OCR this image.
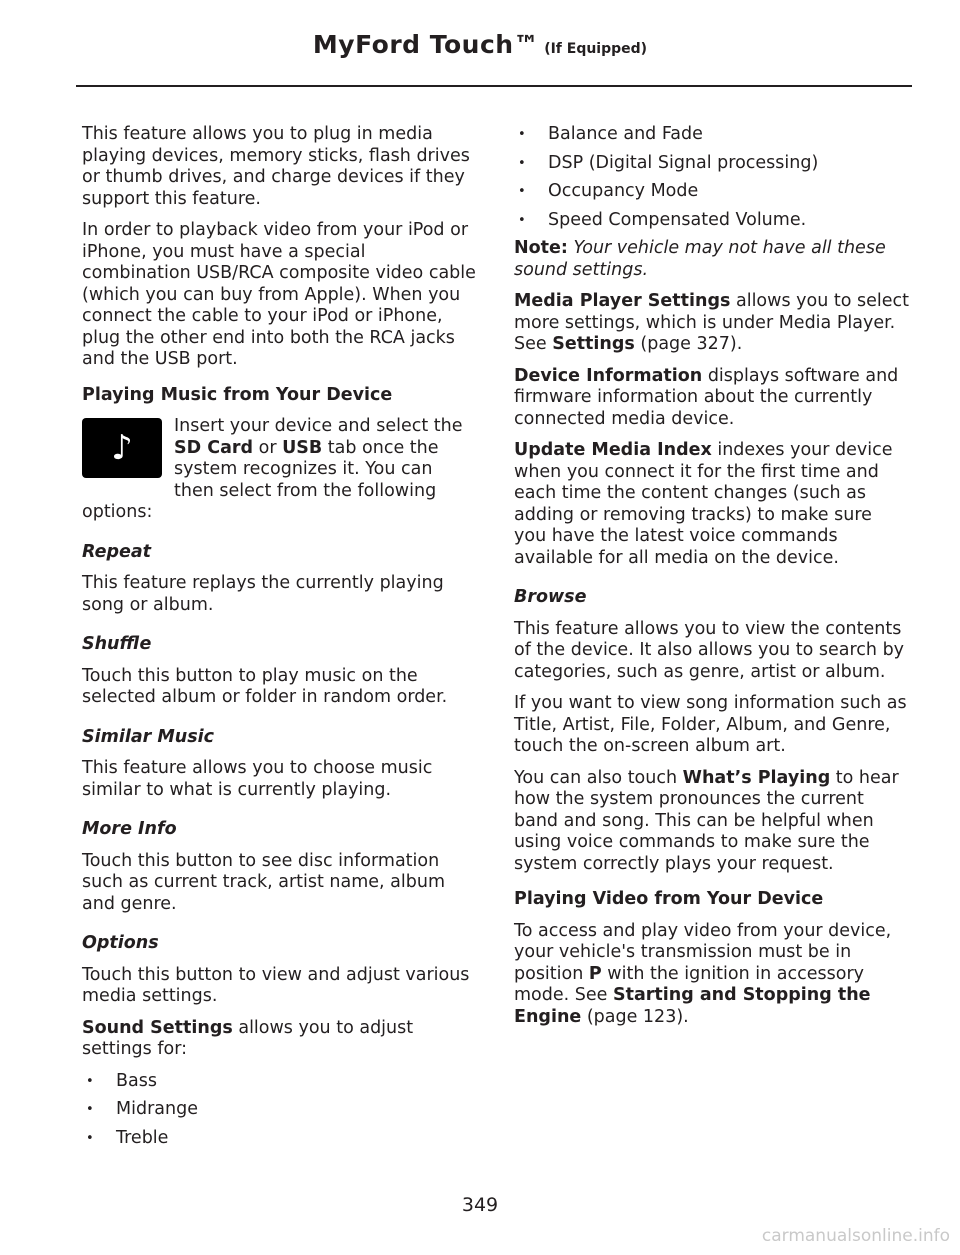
MyFord Touch™ (If Equipped)

This feature allows you to plug in media playing devices, memory sticks, flash drives or thumb drives, and charge devices if they support this feature.

In order to playback video from your iPod or iPhone, you must have a special combination USB/RCA composite video cable (which you can buy from Apple). When you connect the cable to your iPod or iPhone, plug the other end into both the RCA jacks and the USB port.

Playing Music from Your Device
♪
Insert your device and select the SD Card or USB tab once the system recognizes it. You can then select from the following options:
Repeat

This feature replays the currently playing song or album.

Shuffle

Touch this button to play music on the selected album or folder in random order.

Similar Music

This feature allows you to choose music similar to what is currently playing.

More Info

Touch this button to see disc information such as current track, artist name, album and genre.

Options

Touch this button to view and adjust various media settings.

Sound Settings allows you to adjust settings for:

• Bass
• Midrange
• Treble
• Balance and Fade
• DSP (Digital Signal processing)
• Occupancy Mode
• Speed Compensated Volume.

Note: Your vehicle may not have all these sound settings.

Media Player Settings allows you to select more settings, which is under Media Player. See Settings (page 327).

Device Information displays software and firmware information about the currently connected media device.

Update Media Index indexes your device when you connect it for the first time and each time the content changes (such as adding or removing tracks) to make sure you have the latest voice commands available for all media on the device.

Browse

This feature allows you to view the contents of the device. It also allows you to search by categories, such as genre, artist or album.

If you want to view song information such as Title, Artist, File, Folder, Album, and Genre, touch the on-screen album art.

You can also touch What’s Playing to hear how the system pronounces the current band and song. This can be helpful when using voice commands to make sure the system correctly plays your request.

Playing Video from Your Device

To access and play video from your device, your vehicle's transmission must be in position P with the ignition in accessory mode. See Starting and Stopping the Engine (page 123).

349
carmanualsonline.info
